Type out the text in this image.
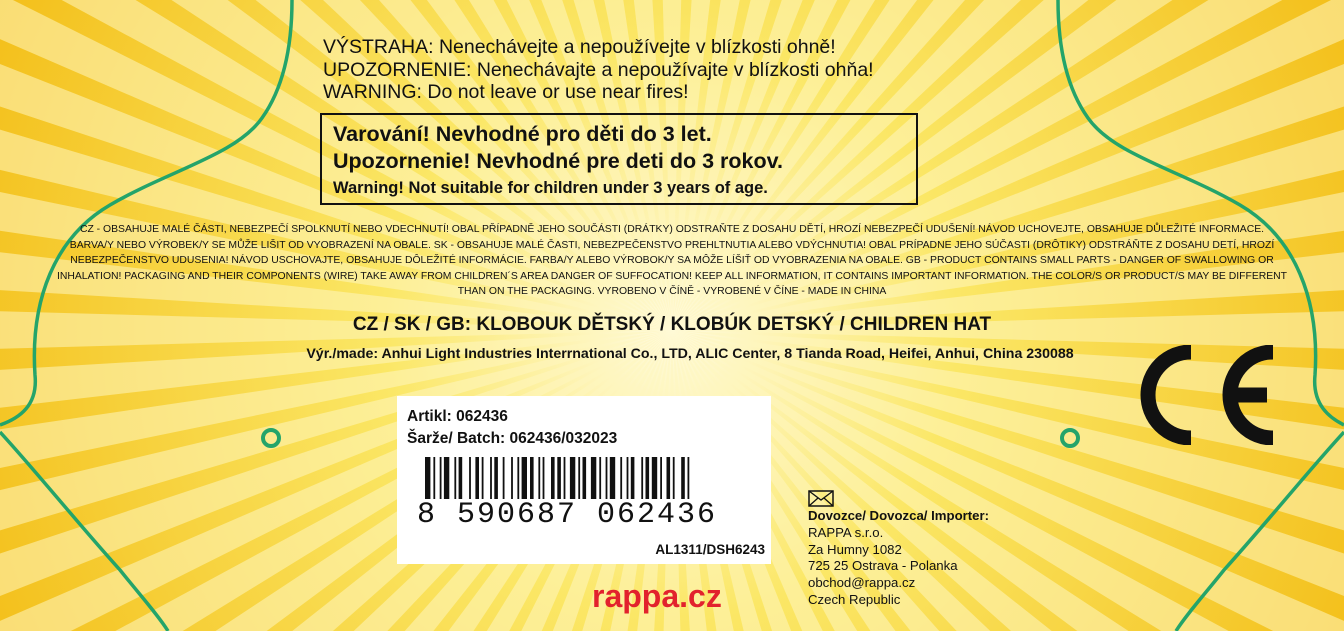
VÝSTRAHA: Nenechávejte a nepoužívejte v blízkosti ohně!
UPOZORNENIE: Nenechávajte a nepoužívajte v blízkosti ohňa!
WARNING: Do not leave or use near fires!
Varování! Nevhodné pro děti do 3 let.
Upozornenie! Nevhodné pre deti do 3 rokov.
Warning! Not suitable for children under 3 years of age.
CZ - OBSAHUJE MALÉ ČÁSTI, NEBEZPEČÍ SPOLKNUTÍ NEBO VDECHNUTÍ! OBAL PŘÍPADNĚ JEHO SOUČÁSTI (DRÁTKY) ODSTRAŇTE Z DOSAHU DĚTÍ, HROZÍ NEBEZPEČÍ UDUŠENÍ! NÁVOD UCHOVEJTE, OBSAHUJE DŮLEŽITÉ INFORMACE.
BARVA/Y NEBO VÝROBEK/Y SE MŮŽE LIŠIT OD VYOBRAZENÍ NA OBALE. SK - OBSAHUJE MALÉ ČASTI, NEBEZPEČENSTVO PREHLTNUTIA ALEBO VDÝCHNUTIA! OBAL PRÍPADNE JEHO SÚČASTI (DRÔTIKY) ODSTRÁŇTE Z DOSAHU DETÍ, HROZÍ
NEBEZPEČENSTVO UDUSENIA! NÁVOD USCHOVAJTE, OBSAHUJE DÔLEŽITÉ INFORMÁCIE. FARBA/Y ALEBO VÝROBOK/Y SA MÔŽE LÍŠIŤ OD VYOBRAZENIA NA OBALE. GB - PRODUCT CONTAINS SMALL PARTS - DANGER OF SWALLOWING OR
INHALATION! PACKAGING AND THEIR COMPONENTS (WIRE) TAKE AWAY FROM CHILDREN´S AREA DANGER OF SUFFOCATION! KEEP ALL INFORMATION, IT CONTAINS IMPORTANT INFORMATION. THE COLOR/S OR PRODUCT/S MAY BE DIFFERENT
THAN ON THE PACKAGING. VYROBENO V ČÍNĚ - VYROBENÉ V ČÍNE - MADE IN CHINA
CZ / SK / GB: KLOBOUK DĚTSKÝ / KLOBÚK DETSKÝ / CHILDREN HAT
Výr./made: Anhui Light Industries Interrnational Co., LTD, ALIC Center, 8 Tianda Road, Heifei, Anhui, China 230088
Artikl: 062436
Šarže/ Batch: 062436/032023
8 590687 062436
AL1311/DSH6243
rappa.cz
Dovozce/ Dovozca/ Importer:
RAPPA s.r.o.
Za Humny 1082
725 25 Ostrava - Polanka
obchod@rappa.cz
Czech Republic
